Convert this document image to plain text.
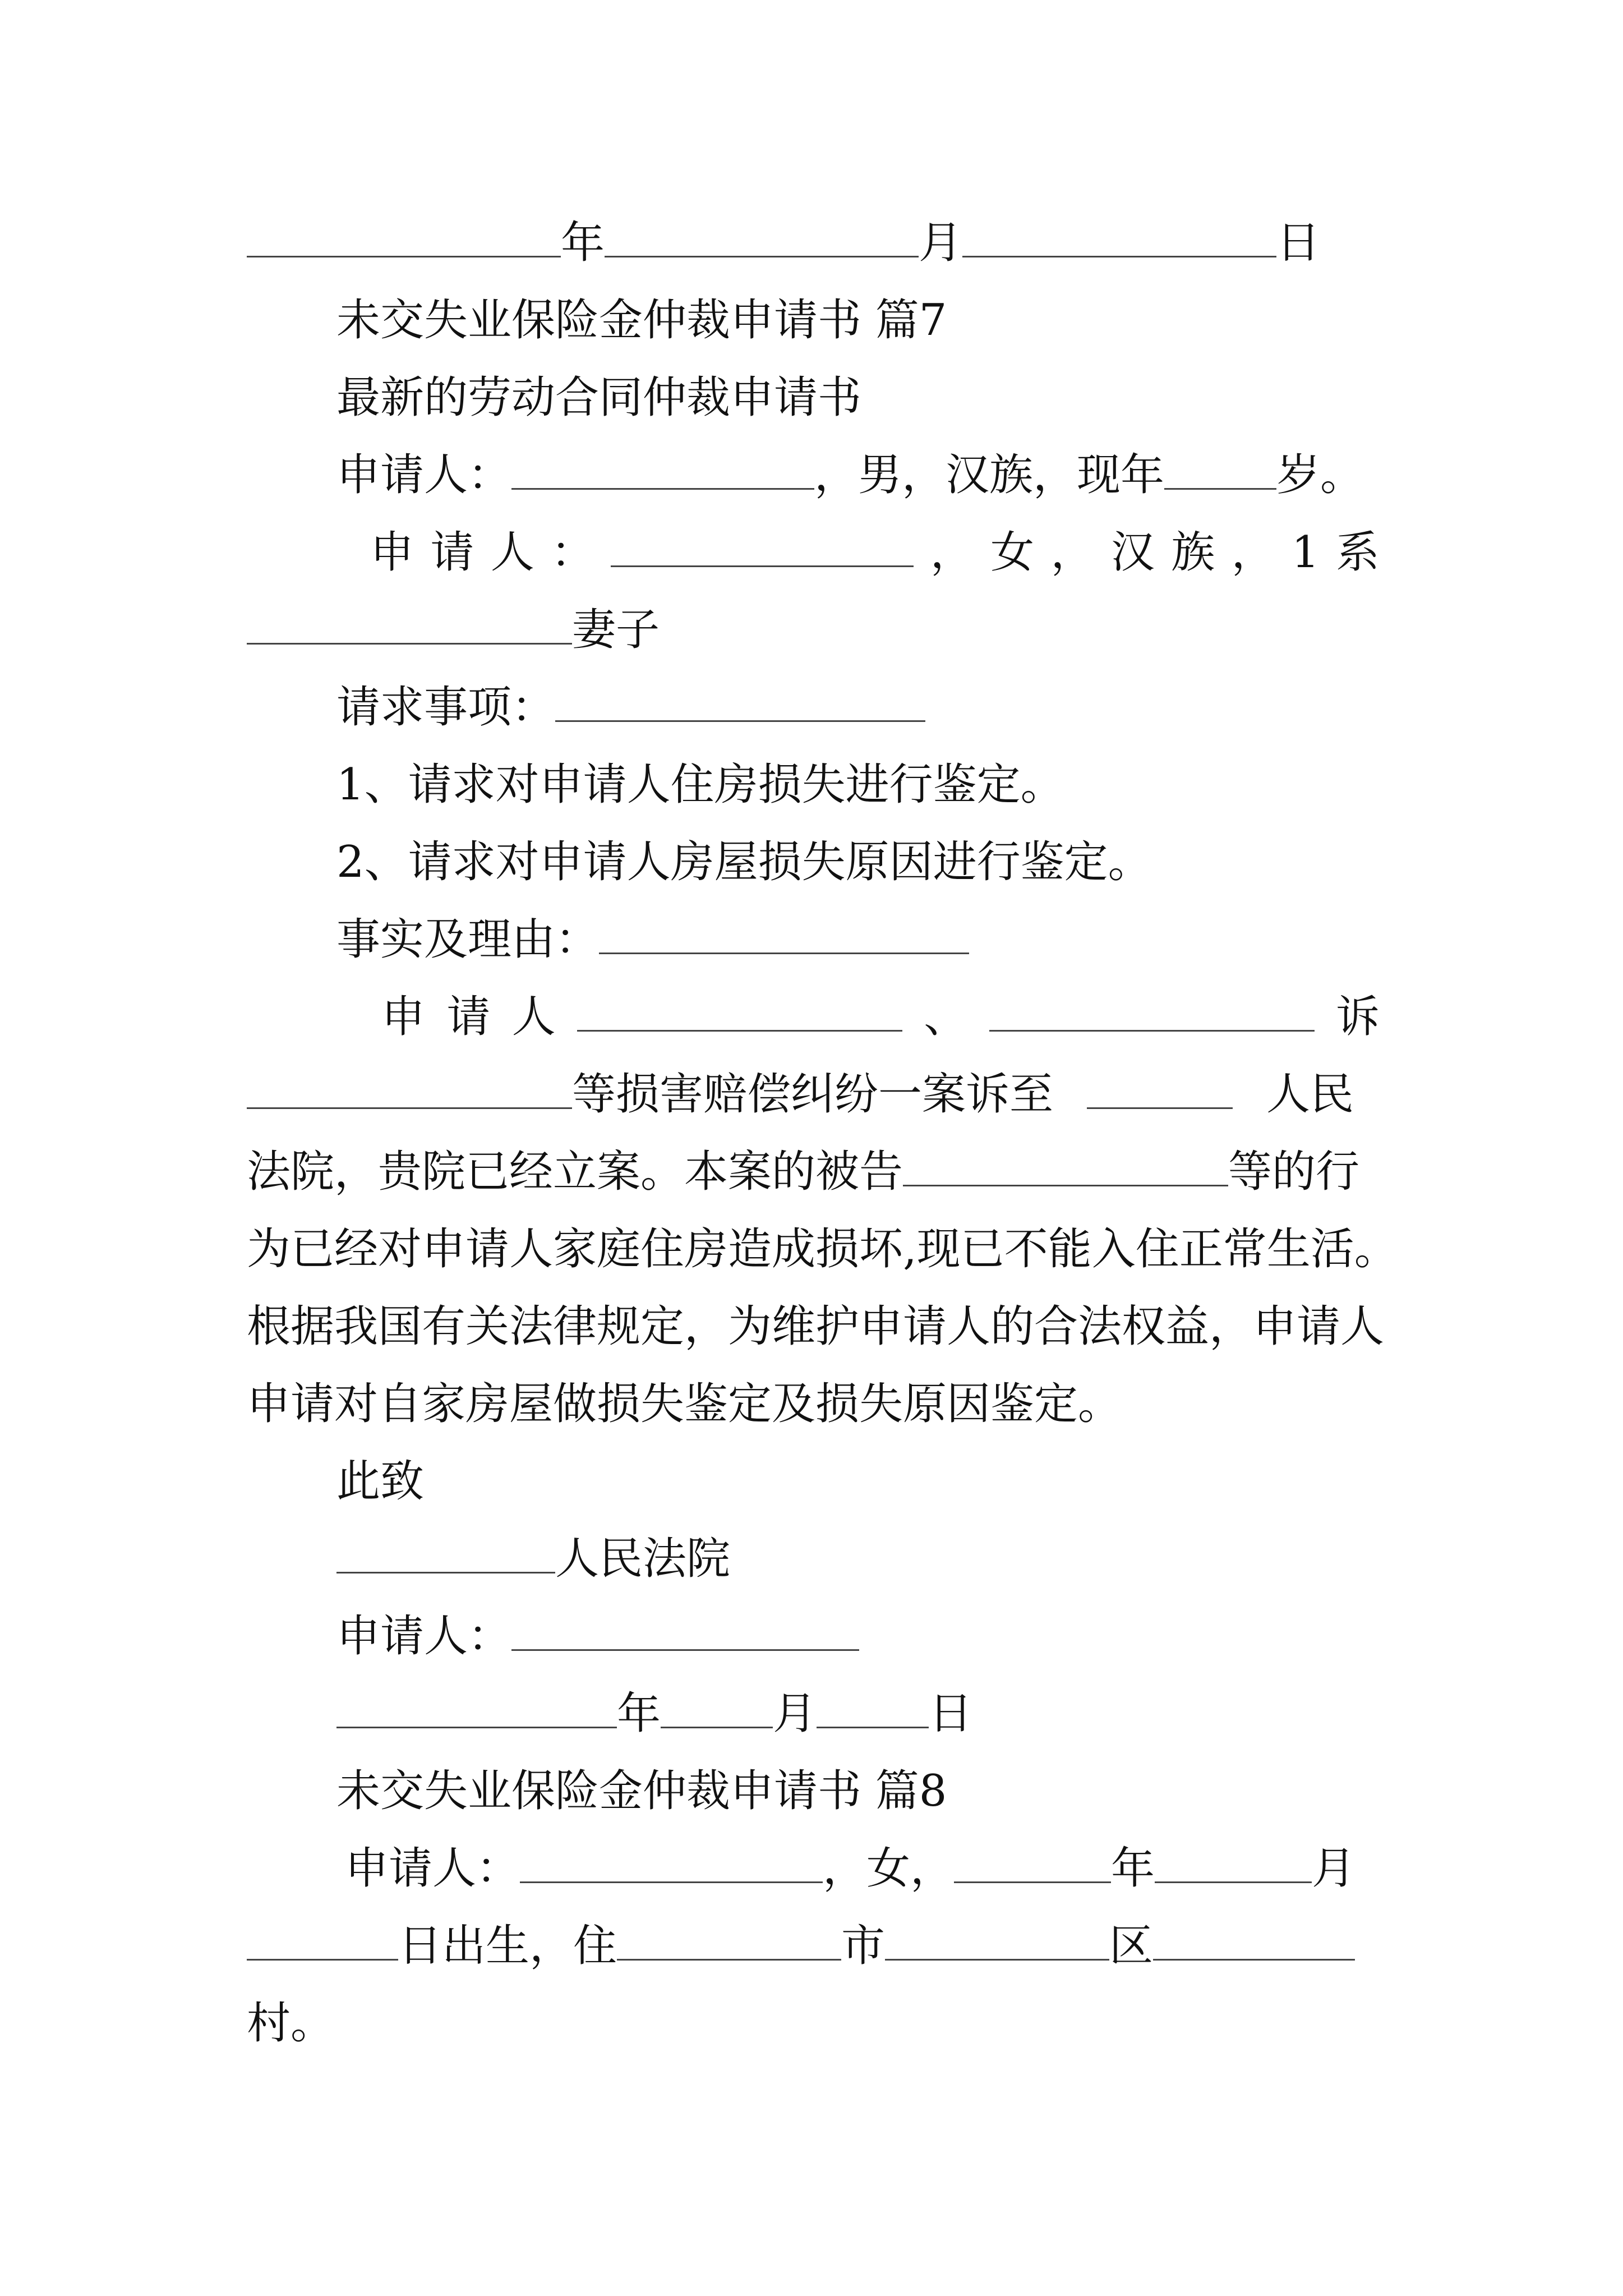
年	月	日
未交失业保险金仲裁申请书 篇7
最新的劳动合同仲裁申请书
申请人：	，男，汉族，现年	岁。
申 请 人 ：	， 女 ， 汉 族 ， 1 系
妻子
请求事项：
1、请求对申请人住房损失进行鉴定。
2、请求对申请人房屋损失原因进行鉴定。
事实及理由：
申 请 人	、	诉
等损害赔偿纠纷一案诉至	人民
法院，贵院已经立案。本案的被告	等的行
为已经对申请人家庭住房造成损坏,现已不能入住正常生活。
根据我国有关法律规定，为维护申请人的合法权益，申请人
申请对自家房屋做损失鉴定及损失原因鉴定。
此致
人民法院
申请人：
年	月	日
未交失业保险金仲裁申请书 篇8
申请人：	，女，	年	月
日出生，住	市	区
村。
